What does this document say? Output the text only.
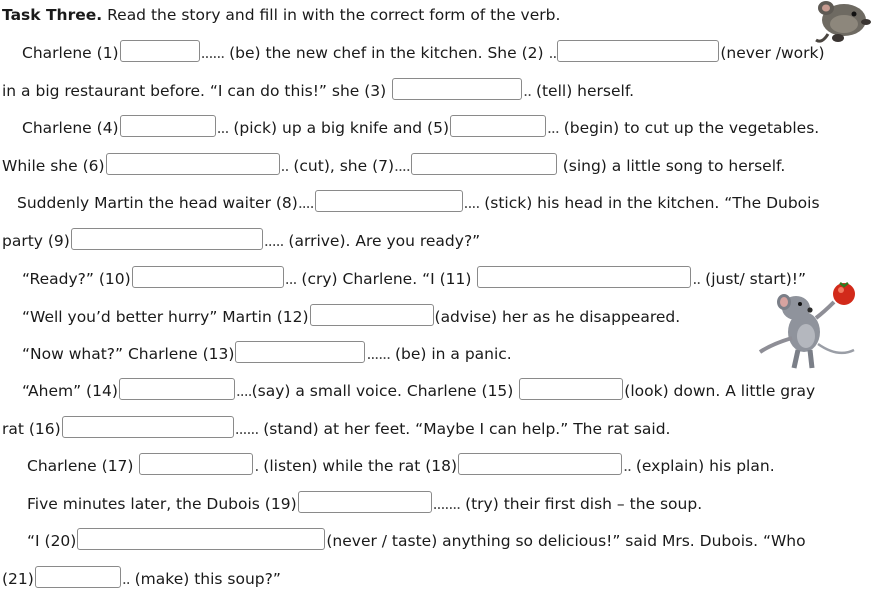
Task Three. Read the story and fill in with the correct form of the verb.
Charlene (1)	...... (be) the new chef in the kitchen. She (2) ..	(never /work)
in a big restaurant before. “I can do this!” she (3)	.. (tell) herself.
Charlene (4)	... (pick) up a big knife and (5)	... (begin) to cut up the vegetables.
While she (6)	.. (cut), she (7)....	(sing) a little song to herself.
Suddenly Martin the head waiter (8)....	.... (stick) his head in the kitchen. “The Dubois
party (9)	..... (arrive). Are you ready?”
“Ready?” (10)	... (cry) Charlene. “I (11)	.. (just/ start)!”
“Well you’d better hurry” Martin (12)	(advise) her as he disappeared.
“Now what?” Charlene (13)	...... (be) in a panic.
“Ahem” (14)	....(say) a small voice. Charlene (15)	(look) down. A little gray
rat (16)	...... (stand) at her feet. “Maybe I can help.” The rat said.
Charlene (17)	. (listen) while the rat (18)	.. (explain) his plan.
Five minutes later, the Dubois (19)	....... (try) their first dish – the soup.
“I (20)	(never / taste) anything so delicious!” said Mrs. Dubois. “Who
(21)	.. (make) this soup?”
